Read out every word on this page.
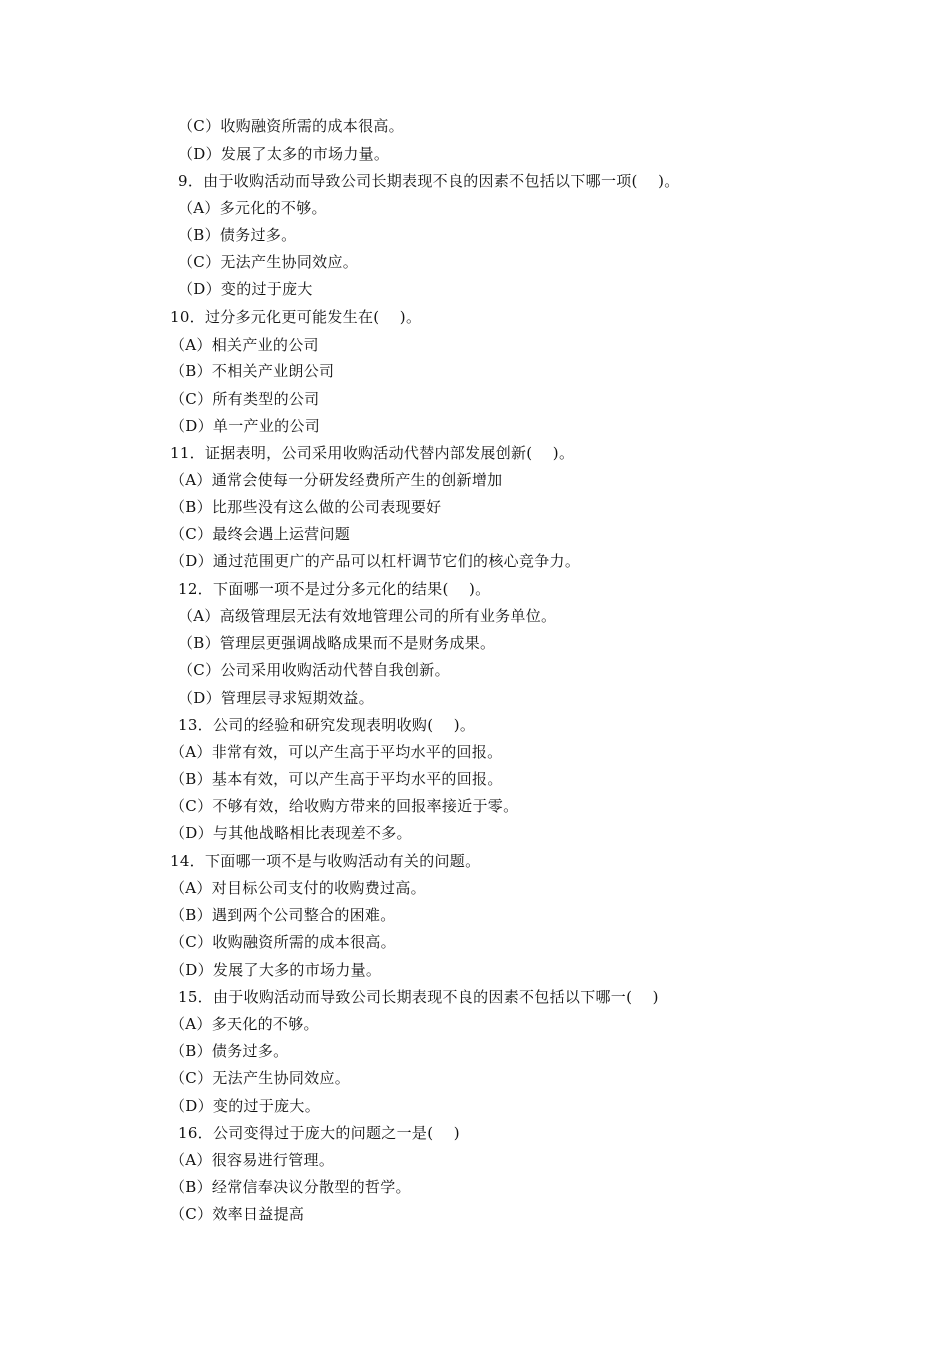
（C）收购融资所需的成本很高。
（D）发展了太多的市场力量。
9．由于收购活动而导致公司长期表现不良的因素不包括以下哪一项(　 )。
（A）多元化的不够。
（B）债务过多。
（C）无法产生协同效应。
（D）变的过于庞大
10．过分多元化更可能发生在(　 )。
（A）相关产业的公司
（B）不相关产业朗公司
（C）所有类型的公司
（D）单一产业的公司
11．证据表明，公司采用收购活动代替内部发展创新(　 )。
（A）通常会使每一分研发经费所产生的创新增加
（B）比那些没有这么做的公司表现要好
（C）最终会遇上运营问题
（D）通过范围更广的产品可以杠杆调节它们的核心竞争力。
12．下面哪一项不是过分多元化的结果(　 )。
（A）高级管理层无法有效地管理公司的所有业务单位。
（B）管理层更强调战略成果而不是财务成果。
（C）公司采用收购活动代替自我创新。
（D）管理层寻求短期效益。
13．公司的经验和研究发现表明收购(　 )。
（A）非常有效，可以产生高于平均水平的回报。
（B）基本有效，可以产生高于平均水平的回报。
（C）不够有效，给收购方带来的回报率接近于零。
（D）与其他战略相比表现差不多。
14．下面哪一项不是与收购活动有关的问题。
（A）对目标公司支付的收购费过高。
（B）遇到两个公司整合的困难。
（C）收购融资所需的成本很高。
（D）发展了大多的市场力量。
15．由于收购活动而导致公司长期表现不良的因素不包括以下哪一(　 )
（A）多天化的不够。
（B）债务过多。
（C）无法产生协同效应。
（D）变的过于庞大。
16．公司变得过于庞大的问题之一是(　 )
（A）很容易进行管理。
（B）经常信奉决议分散型的哲学。
（C）效率日益提高
